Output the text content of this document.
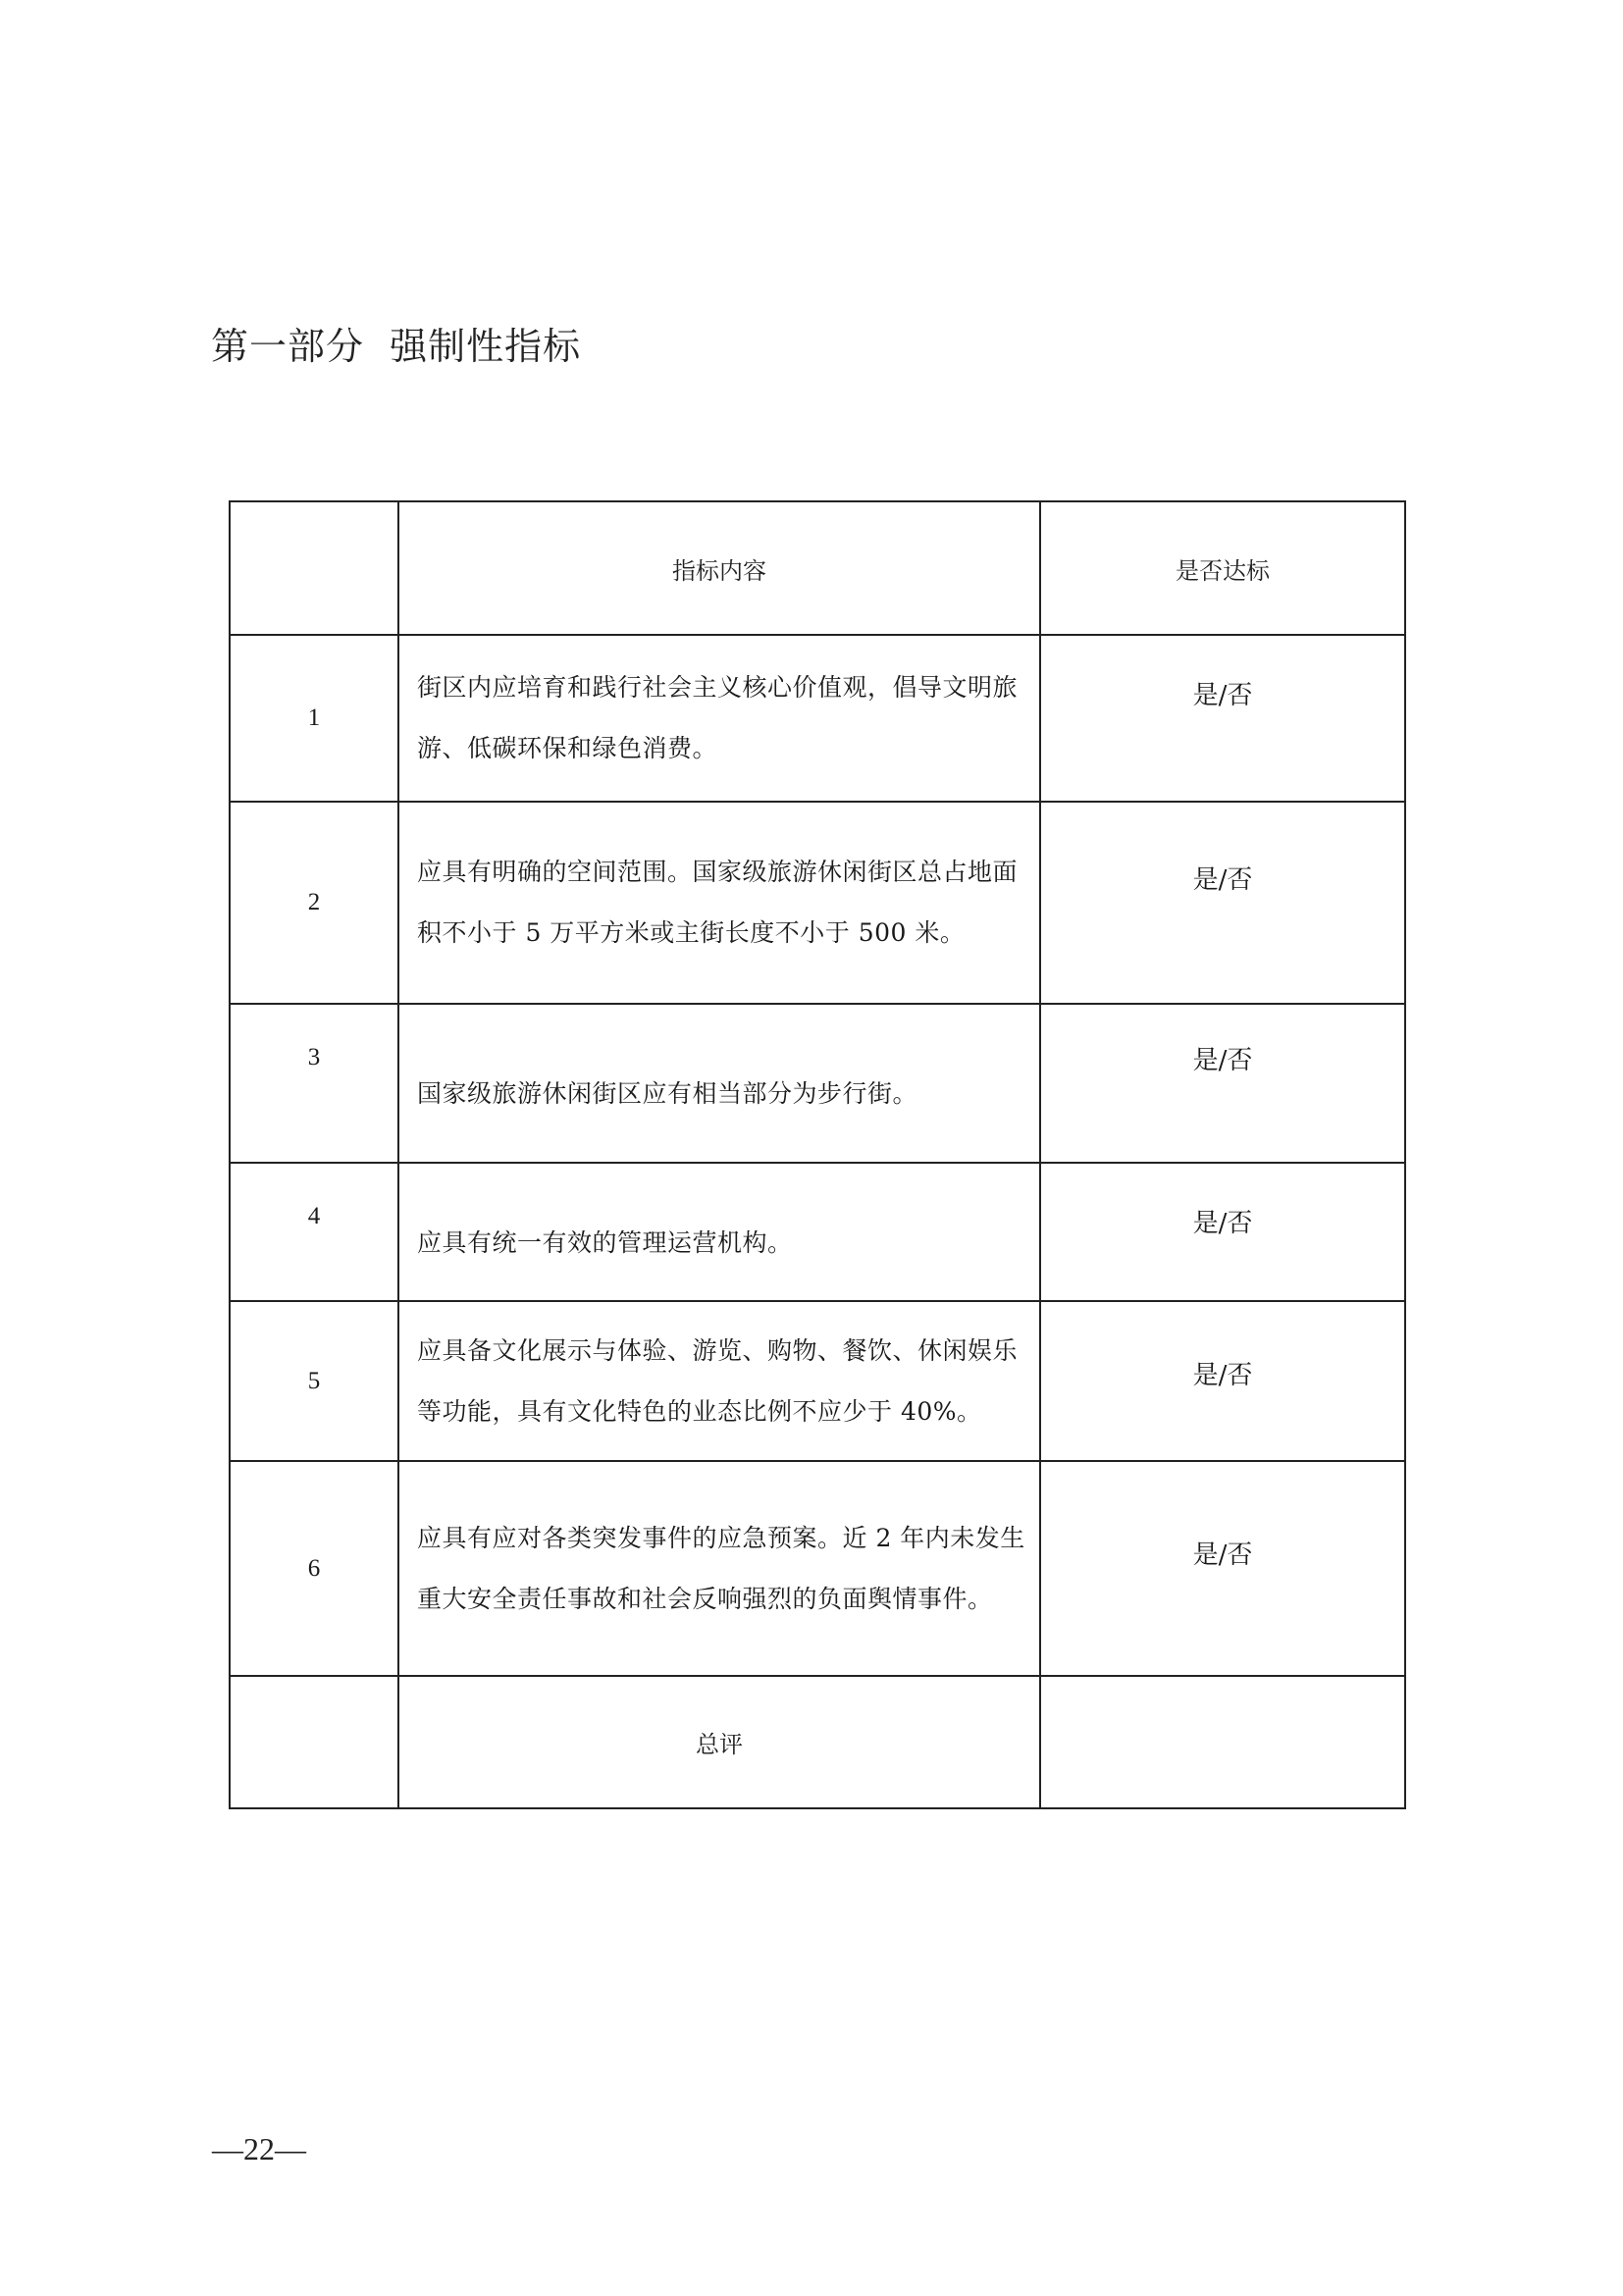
第一部分  强制性指标
	指标内容	是否达标
1	街区内应培育和践行社会主义核心价值观，倡导文明旅游、低碳环保和绿色消费。	是/否
2	应具有明确的空间范围。国家级旅游休闲街区总占地面积不小于 5 万平方米或主街长度不小于 500 米。	是/否
3	国家级旅游休闲街区应有相当部分为步行街。	是/否
4	应具有统一有效的管理运营机构。	是/否
5	应具备文化展示与体验、游览、购物、餐饮、休闲娱乐等功能，具有文化特色的业态比例不应少于 40%。	是/否
6	应具有应对各类突发事件的应急预案。近 2 年内未发生重大安全责任事故和社会反响强烈的负面舆情事件。	是/否
	总评	
—22—
